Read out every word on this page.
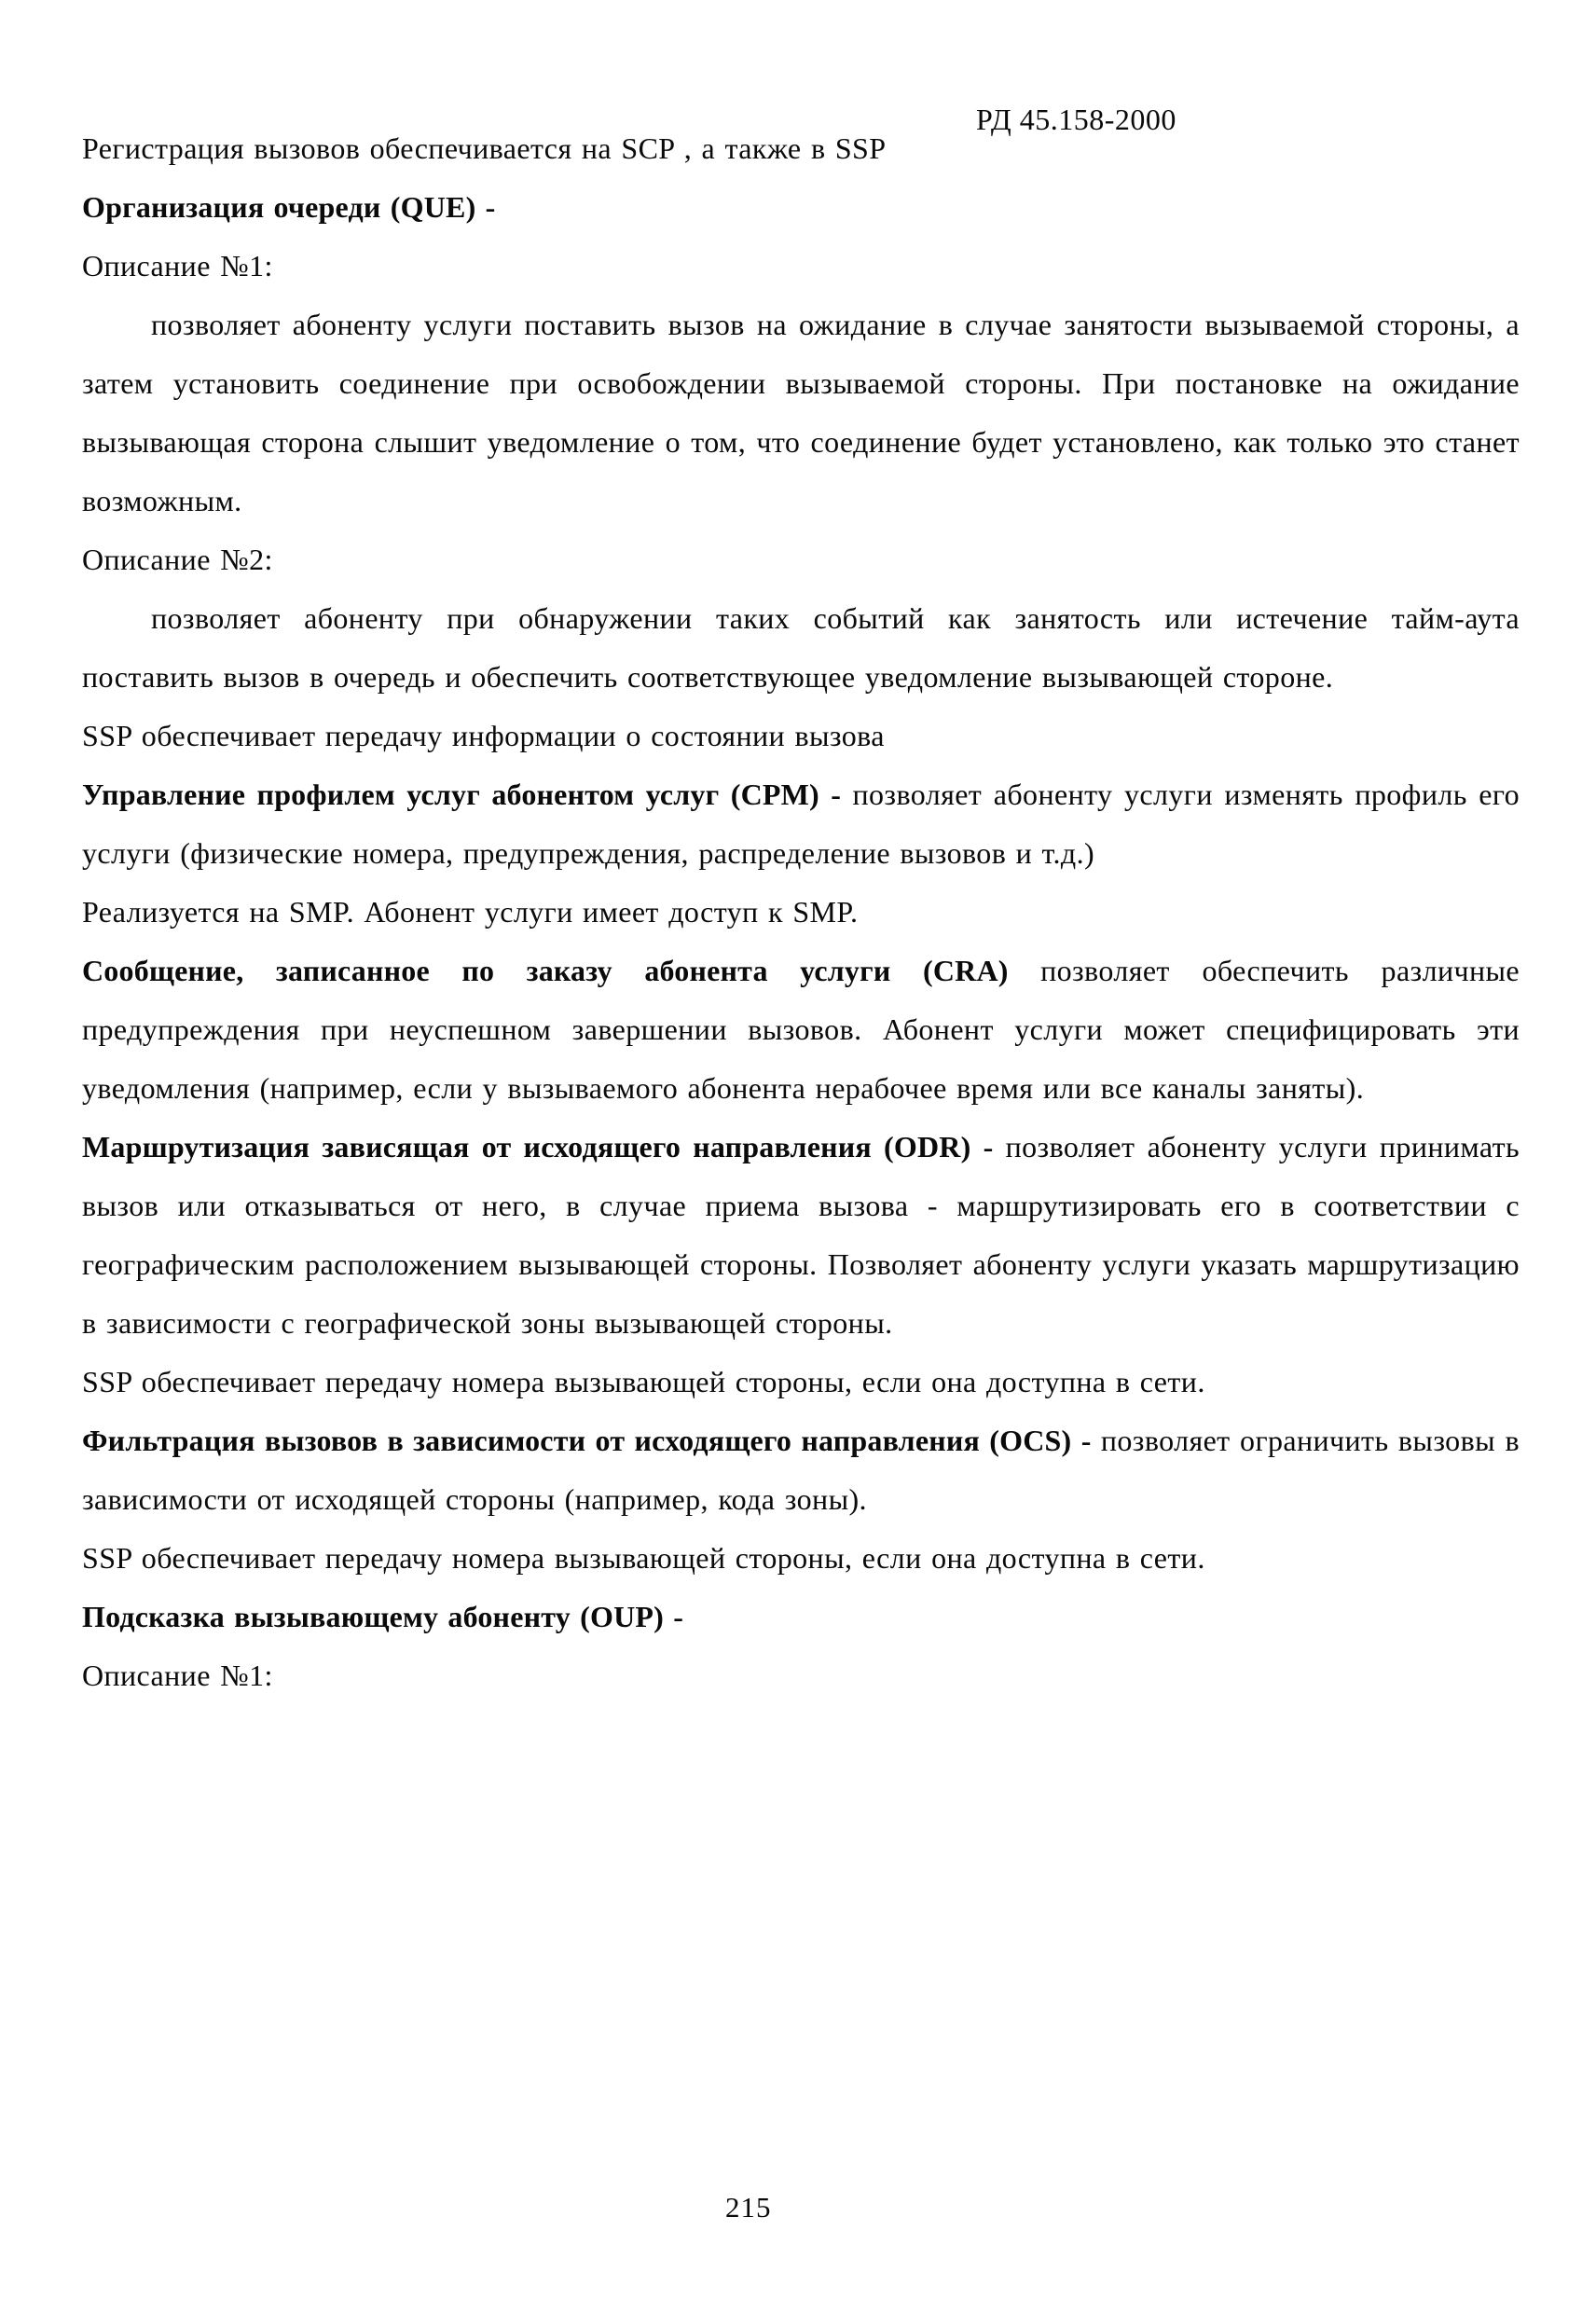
РД 45.158-2000

Регистрация вызовов обеспечивается на SCP , а также в SSP

Организация очереди (QUE) -

Описание №1:

позволяет абоненту услуги поставить вызов на ожидание в случае занятости вызываемой стороны, а затем установить соединение при освобождении вызываемой стороны. При постановке на ожидание вызывающая сторона слышит уведомление о том, что соединение будет установлено, как только это станет возможным.

Описание №2:

позволяет абоненту при обнаружении таких событий как занятость или истечение тайм-аута поставить вызов в очередь и обеспечить соответствующее уведомление вызывающей стороне.

SSP обеспечивает передачу информации о состоянии вызова

Управление профилем услуг абонентом услуг (CPM) - позволяет абоненту услуги изменять профиль его услуги (физические номера, предупреждения, распределение вызовов и т.д.)

Реализуется на SMP. Абонент услуги имеет доступ к SMP.

Сообщение, записанное по заказу абонента услуги (CRA) позволяет обеспечить различные предупреждения при неуспешном завершении вызовов. Абонент услуги может специфицировать эти уведомления (например, если у вызываемого абонента нерабочее время или все каналы заняты).

Маршрутизация зависящая от исходящего направления (ODR) - позволяет абоненту услуги принимать вызов или отказываться от него, в случае приема вызова - маршрутизировать его в соответствии с географическим расположением вызывающей стороны. Позволяет абоненту услуги указать маршрутизацию в зависимости с географической зоны вызывающей стороны.

SSP обеспечивает передачу номера вызывающей стороны, если она доступна в сети.

Фильтрация вызовов в зависимости от исходящего направления (OCS) - позволяет ограничить вызовы в зависимости от исходящей стороны (например, кода зоны).

SSP обеспечивает передачу номера вызывающей стороны, если она доступна в сети.

Подсказка вызывающему абоненту (OUP) -

Описание №1:

215
